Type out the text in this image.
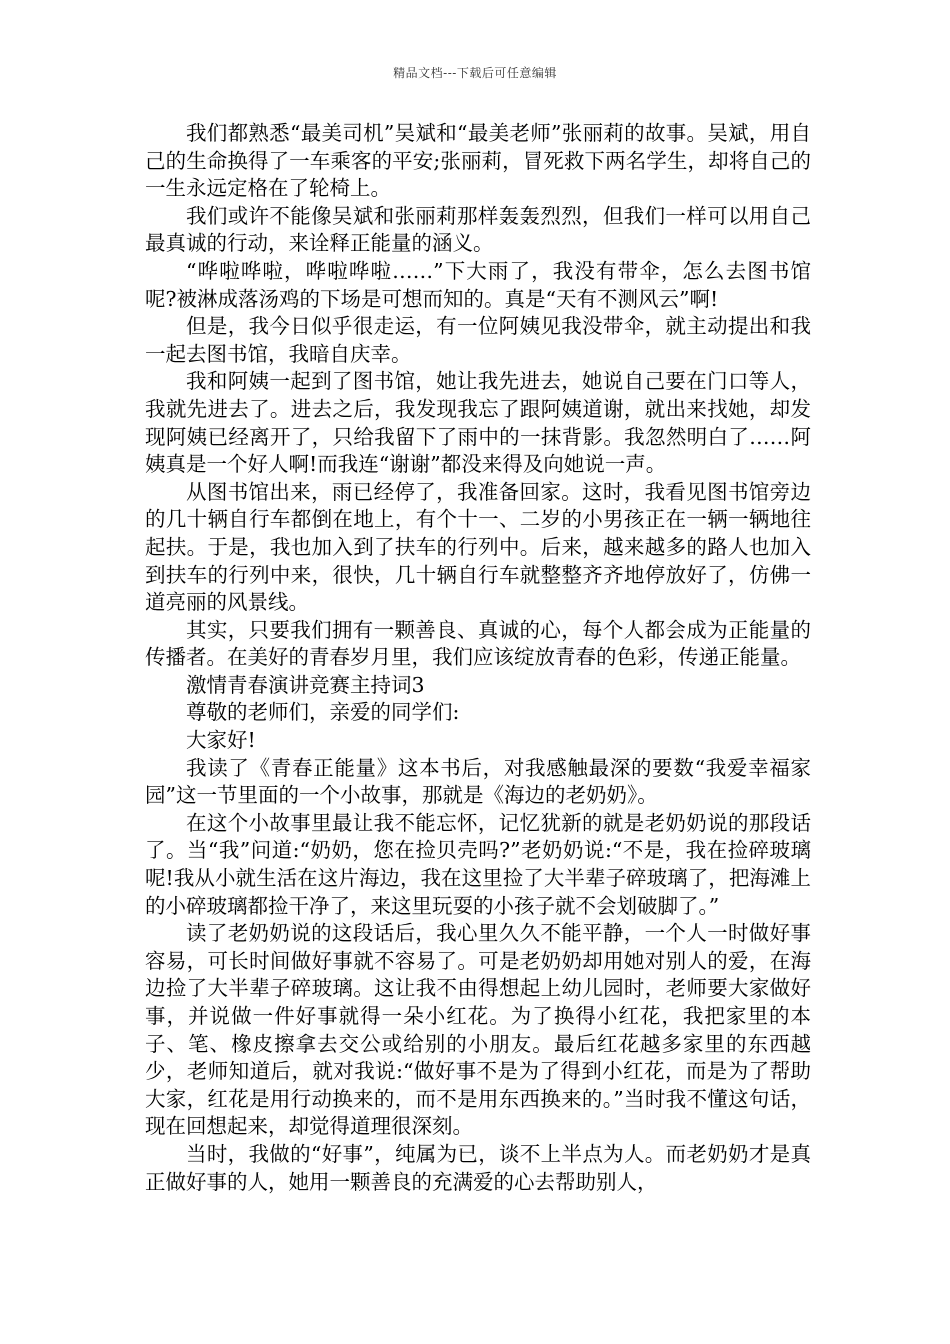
精品文档---下载后可任意编辑

我们都熟悉“最美司机”吴斌和“最美老师”张丽莉的故事。吴斌，用自己的生命换得了一车乘客的平安;张丽莉，冒死救下两名学生，却将自己的一生永远定格在了轮椅上。

我们或许不能像吴斌和张丽莉那样轰轰烈烈，但我们一样可以用自己最真诚的行动，来诠释正能量的涵义。

“哗啦哗啦，哗啦哗啦……”下大雨了，我没有带伞，怎么去图书馆呢?被淋成落汤鸡的下场是可想而知的。真是“天有不测风云”啊!

但是，我今日似乎很走运，有一位阿姨见我没带伞，就主动提出和我一起去图书馆，我暗自庆幸。

我和阿姨一起到了图书馆，她让我先进去，她说自己要在门口等人，我就先进去了。进去之后，我发现我忘了跟阿姨道谢，就出来找她，却发现阿姨已经离开了，只给我留下了雨中的一抹背影。我忽然明白了……阿姨真是一个好人啊!而我连“谢谢”都没来得及向她说一声。

从图书馆出来，雨已经停了，我准备回家。这时，我看见图书馆旁边的几十辆自行车都倒在地上，有个十一、二岁的小男孩正在一辆一辆地往起扶。于是，我也加入到了扶车的行列中。后来，越来越多的路人也加入到扶车的行列中来，很快，几十辆自行车就整整齐齐地停放好了，仿佛一道亮丽的风景线。

其实，只要我们拥有一颗善良、真诚的心，每个人都会成为正能量的传播者。在美好的青春岁月里，我们应该绽放青春的色彩，传递正能量。

激情青春演讲竞赛主持词3

尊敬的老师们，亲爱的同学们:

大家好!

我读了《青春正能量》这本书后，对我感触最深的要数“我爱幸福家园”这一节里面的一个小故事，那就是《海边的老奶奶》。

在这个小故事里最让我不能忘怀，记忆犹新的就是老奶奶说的那段话了。当“我”问道:“奶奶，您在捡贝壳吗?”老奶奶说:“不是，我在捡碎玻璃呢!我从小就生活在这片海边，我在这里捡了大半辈子碎玻璃了，把海滩上的小碎玻璃都捡干净了，来这里玩耍的小孩子就不会划破脚了。”

读了老奶奶说的这段话后，我心里久久不能平静，一个人一时做好事容易，可长时间做好事就不容易了。可是老奶奶却用她对别人的爱，在海边捡了大半辈子碎玻璃。这让我不由得想起上幼儿园时，老师要大家做好事，并说做一件好事就得一朵小红花。为了换得小红花，我把家里的本子、笔、橡皮擦拿去交公或给别的小朋友。最后红花越多家里的东西越少，老师知道后，就对我说:“做好事不是为了得到小红花，而是为了帮助大家，红花是用行动换来的，而不是用东西换来的。”当时我不懂这句话，现在回想起来，却觉得道理很深刻。

当时，我做的“好事”，纯属为已，谈不上半点为人。而老奶奶才是真正做好事的人，她用一颗善良的充满爱的心去帮助别人，
